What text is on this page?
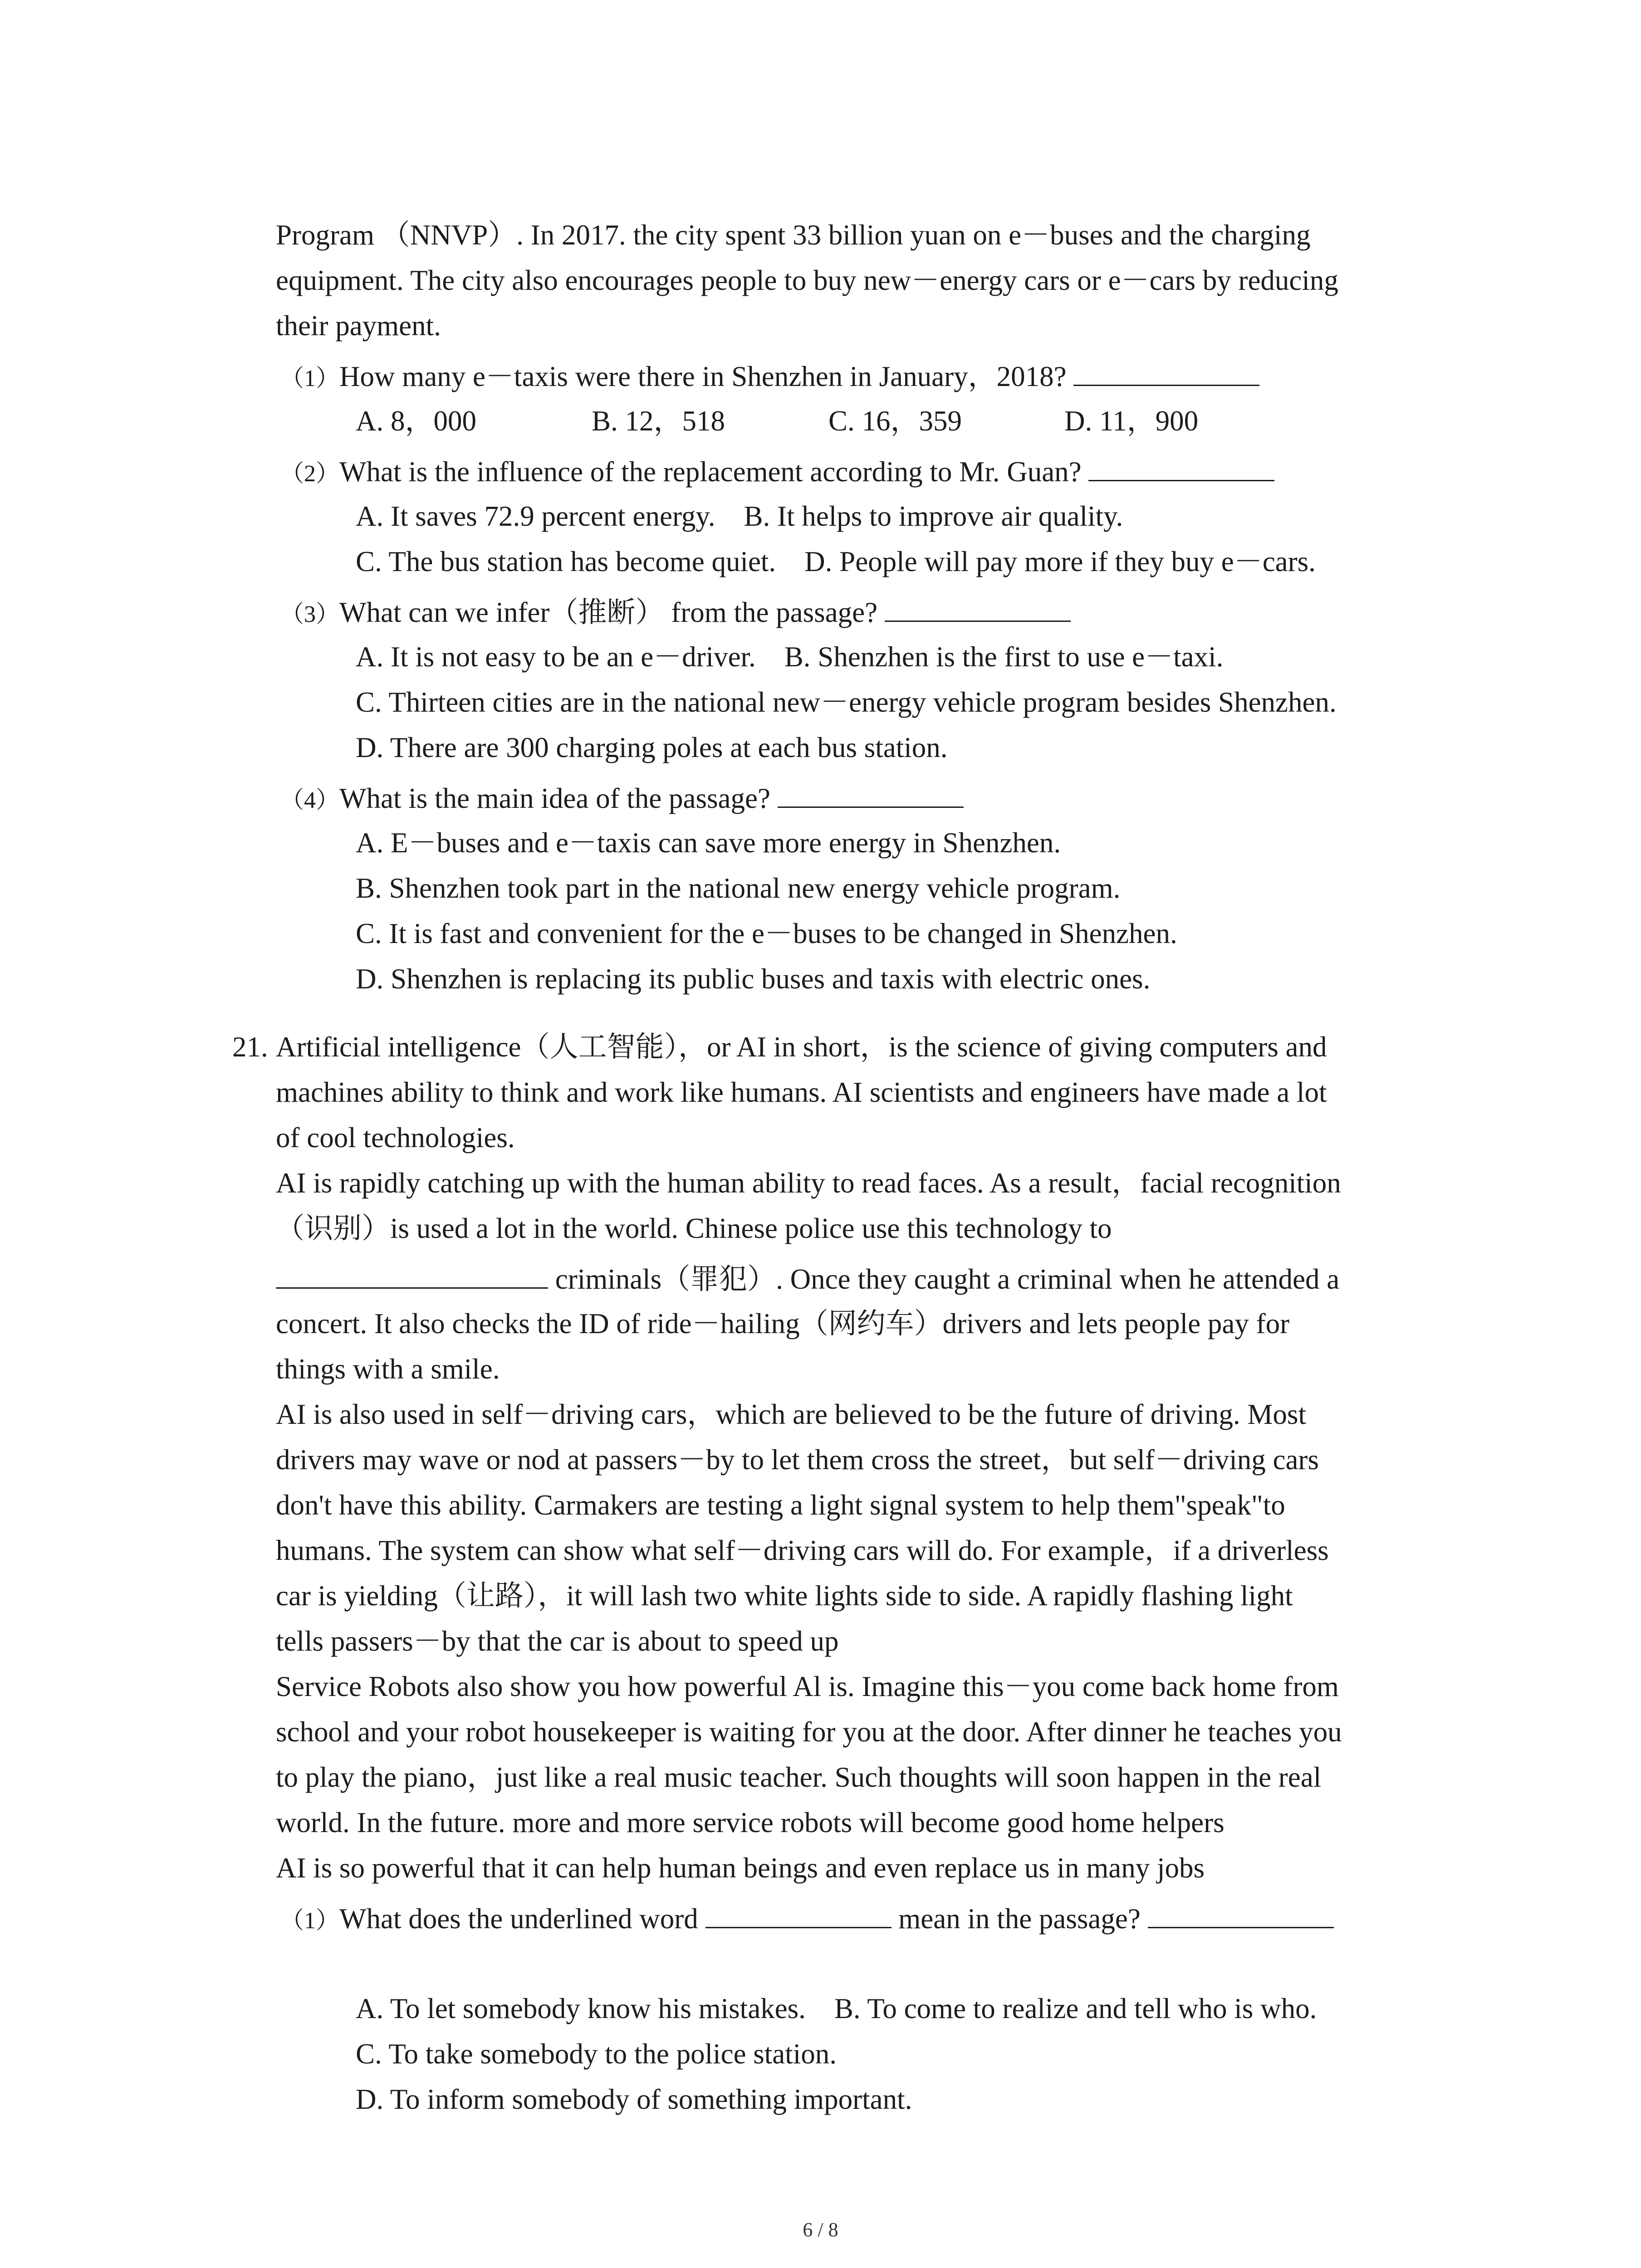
Program （NNVP）. In 2017. the city spent 33 billion yuan on e－buses and the charging
equipment. The city also encourages people to buy new－energy cars or e－cars by reducing
their payment.
（1）How many e－taxis were there in Shenzhen in January，2018?
A. 8，000	B. 12，518	C. 16，359	D. 11，900
（2）What is the influence of the replacement according to Mr. Guan?
A. It saves 72.9 percent energy.    B. It helps to improve air quality.
C. The bus station has become quiet.    D. People will pay more if they buy e－cars.
（3）What can we infer（推断） from the passage?
A. It is not easy to be an e－driver.    B. Shenzhen is the first to use e－taxi.
C. Thirteen cities are in the national new－energy vehicle program besides Shenzhen.
D. There are 300 charging poles at each bus station.
（4）What is the main idea of the passage?
A. E－buses and e－taxis can save more energy in Shenzhen.
B. Shenzhen took part in the national new energy vehicle program.
C. It is fast and convenient for the e－buses to be changed in Shenzhen.
D. Shenzhen is replacing its public buses and taxis with electric ones.
21. Artificial intelligence（人工智能），or AI in short，is the science of giving computers and
machines ability to think and work like humans. AI scientists and engineers have made a lot
of cool technologies.
AI is rapidly catching up with the human ability to read faces. As a result，facial recognition
（识别）is used a lot in the world. Chinese police use this technology to
criminals（罪犯）. Once they caught a criminal when he attended a
concert. It also checks the ID of ride－hailing（网约车）drivers and lets people pay for
things with a smile.
AI is also used in self－driving cars，which are believed to be the future of driving. Most
drivers may wave or nod at passers－by to let them cross the street，but self－driving cars
don't have this ability. Carmakers are testing a light signal system to help them"speak"to
humans. The system can show what self－driving cars will do. For example，if a driverless
car is yielding（让路），it will lash two white lights side to side. A rapidly flashing light
tells passers－by that the car is about to speed up
Service Robots also show you how powerful Al is. Imagine this－you come back home from
school and your robot housekeeper is waiting for you at the door. After dinner he teaches you
to play the piano，just like a real music teacher. Such thoughts will soon happen in the real
world. In the future. more and more service robots will become good home helpers
AI is so powerful that it can help human beings and even replace us in many jobs
（1）What does the underlined word	mean in the passage?
A. To let somebody know his mistakes.    B. To come to realize and tell who is who.
C. To take somebody to the police station.
D. To inform somebody of something important.
6 / 8
